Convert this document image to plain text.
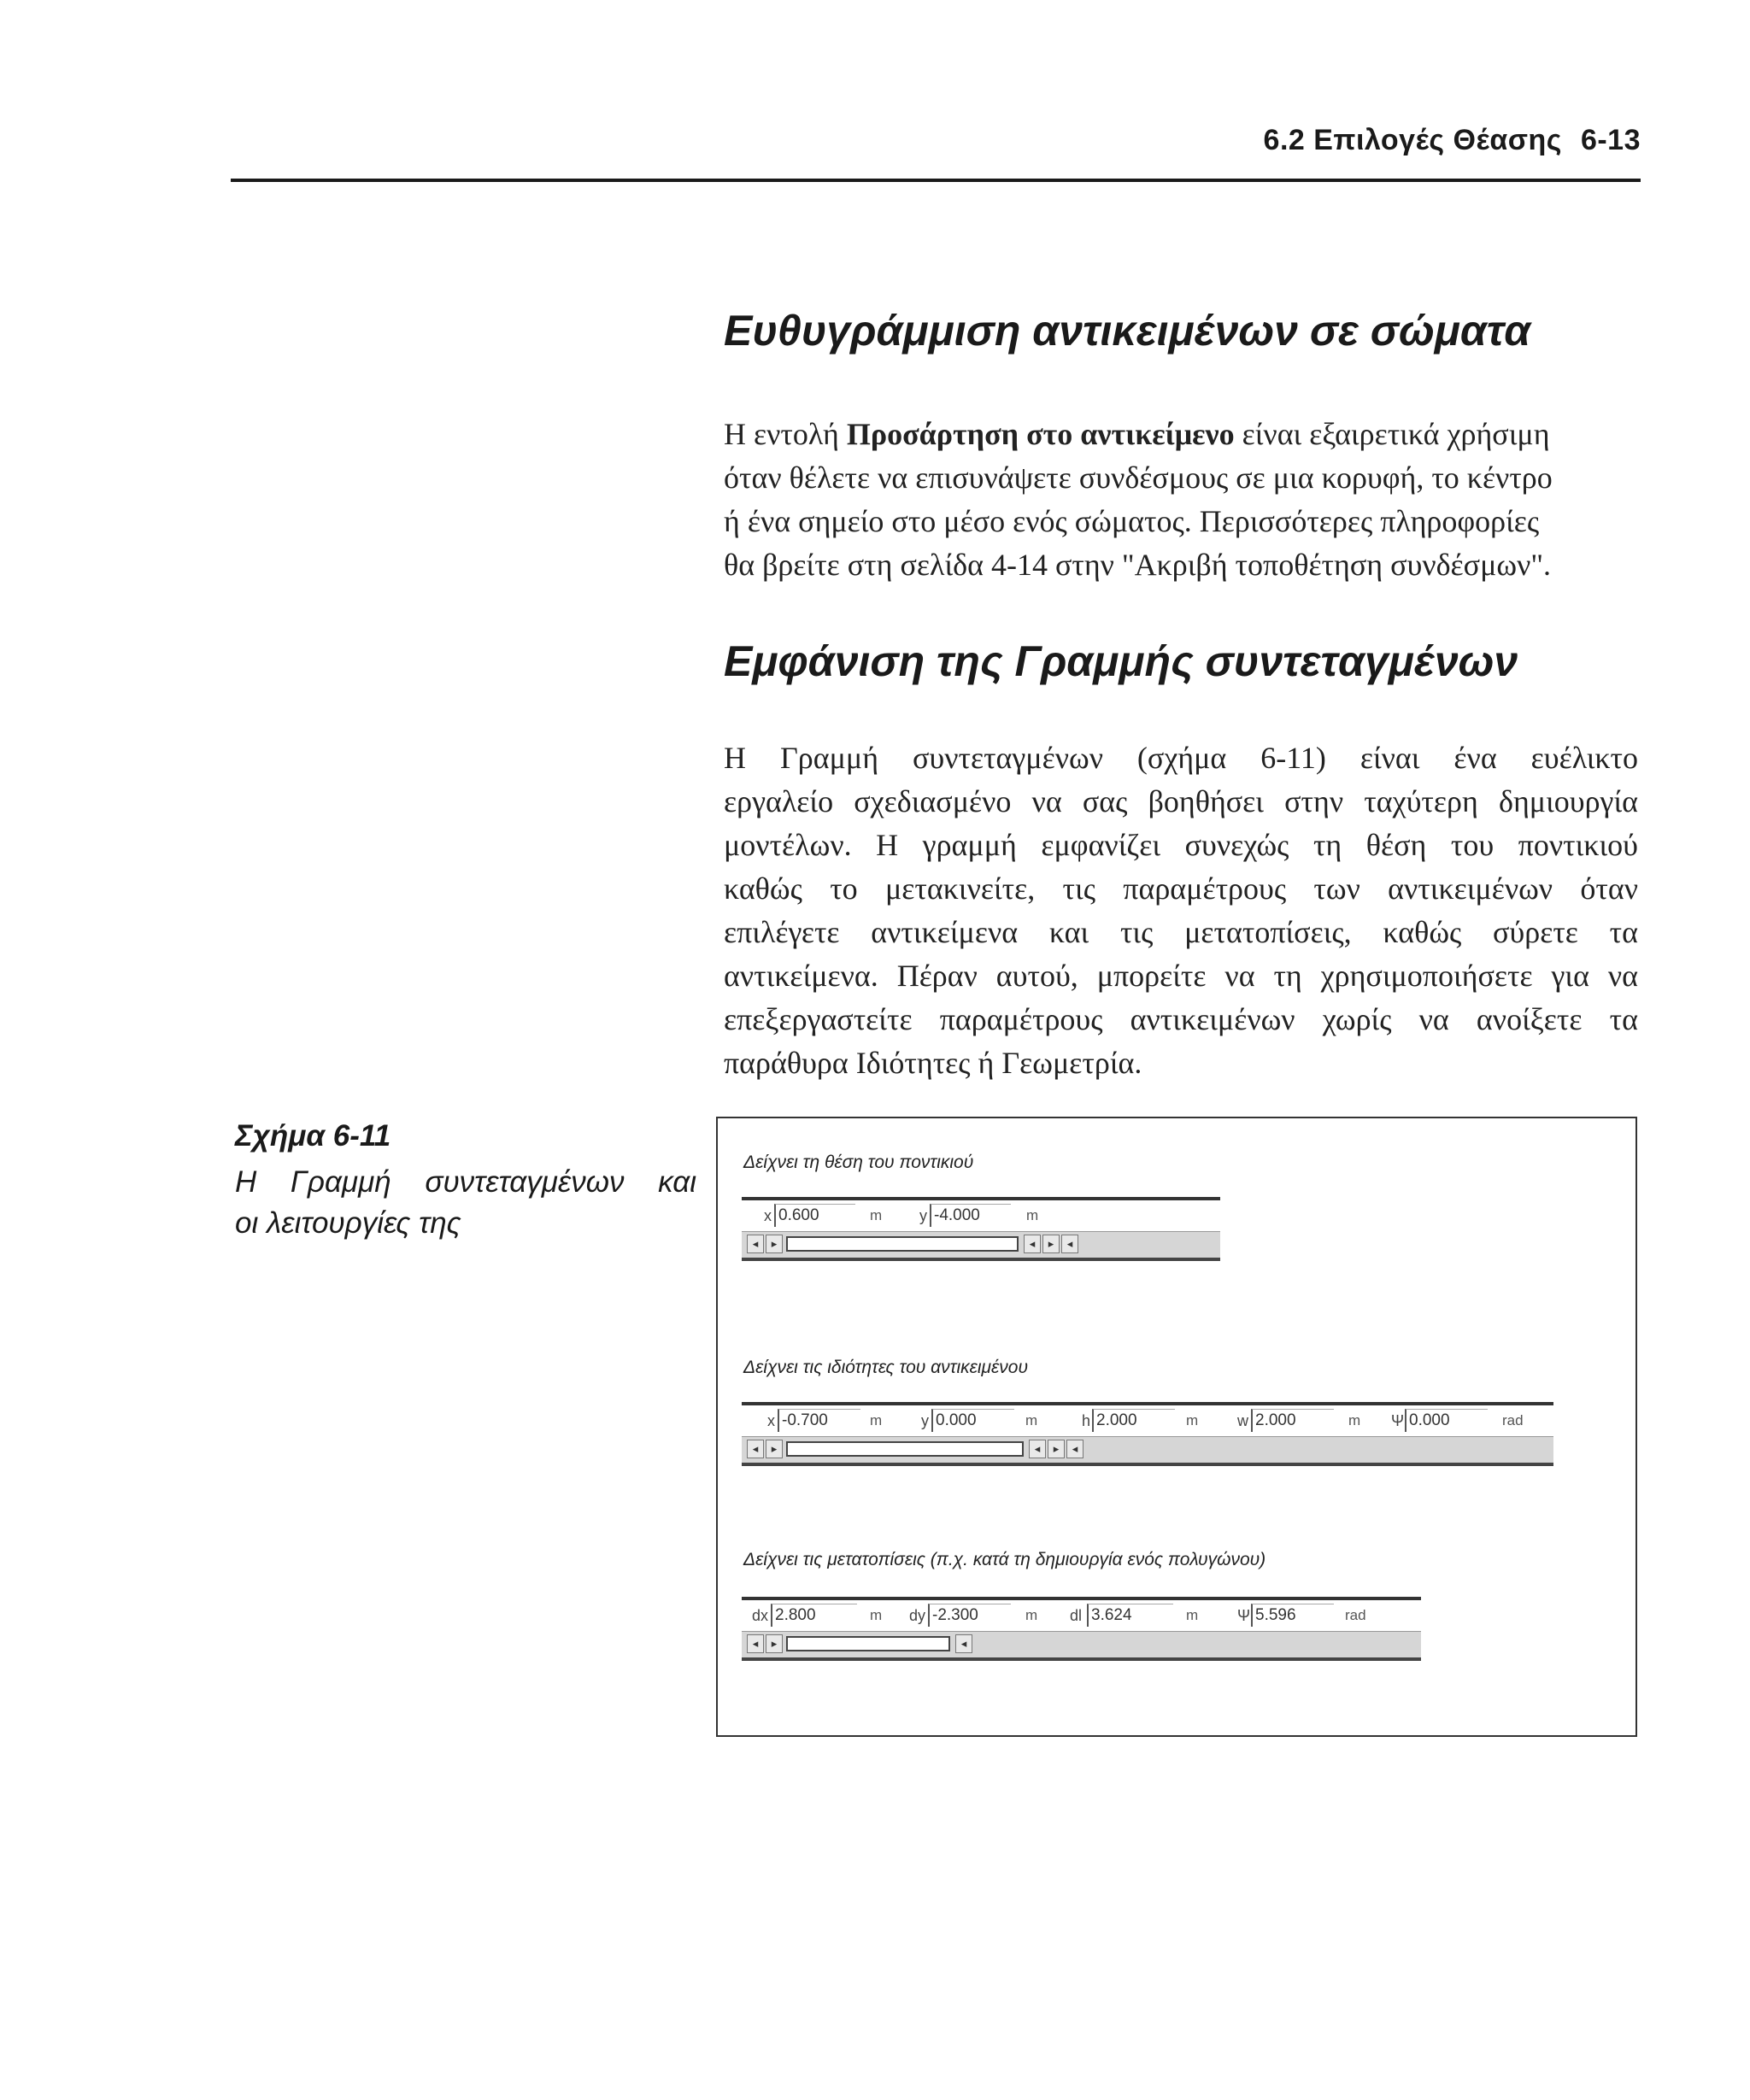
6.2 Επιλογές Θέασης 6-13
Ευθυγράμμιση αντικειμένων σε σώματα
Η εντολή Προσάρτηση στο αντικείμενο είναι εξαιρετικά χρήσιμη
όταν θέλετε να επισυνάψετε συνδέσμους σε μια κορυφή, το κέντρο
ή ένα σημείο στο μέσο ενός σώματος. Περισσότερες πληροφορίες
θα βρείτε στη σελίδα 4-14 στην "Ακριβή τοποθέτηση συνδέσμων".
Εμφάνιση της Γραμμής συντεταγμένων
Η Γραμμή συντεταγμένων (σχήμα 6-11) είναι ένα ευέλικτο
εργαλείο σχεδιασμένο να σας βοηθήσει στην ταχύτερη δημιουργία
μοντέλων. Η γραμμή εμφανίζει συνεχώς τη θέση του ποντικιού
καθώς το μετακινείτε, τις παραμέτρους των αντικειμένων όταν
επιλέγετε αντικείμενα και τις μετατοπίσεις, καθώς σύρετε τα
αντικείμενα. Πέραν αυτού, μπορείτε να τη χρησιμοποιήσετε για να
επεξεργαστείτε παραμέτρους αντικειμένων χωρίς να ανοίξετε τα
παράθυρα Ιδιότητες ή Γεωμετρία.
Σχήμα 6-11
Η Γραμμή συντεταγμένων και
οι λειτουργίες της
Δείχνει τη θέση του ποντικιού
x 0.600	m y -4.000	m
◂	▸	◂	▸	◂
Δείχνει τις ιδιότητες του αντικειμένου
x -0.700	m	y 0.000	m	h 2.000	m	w 2.000	m Ψ 0.000	rad
◂	▸	◂	▸	◂
Δείχνει τις μετατοπίσεις (π.χ. κατά τη δημιουργία ενός πολυγώνου)
dx 2.800	m dy -2.300	m dl 3.624	m	Ψ 5.596	rad
◂	▸	◂
